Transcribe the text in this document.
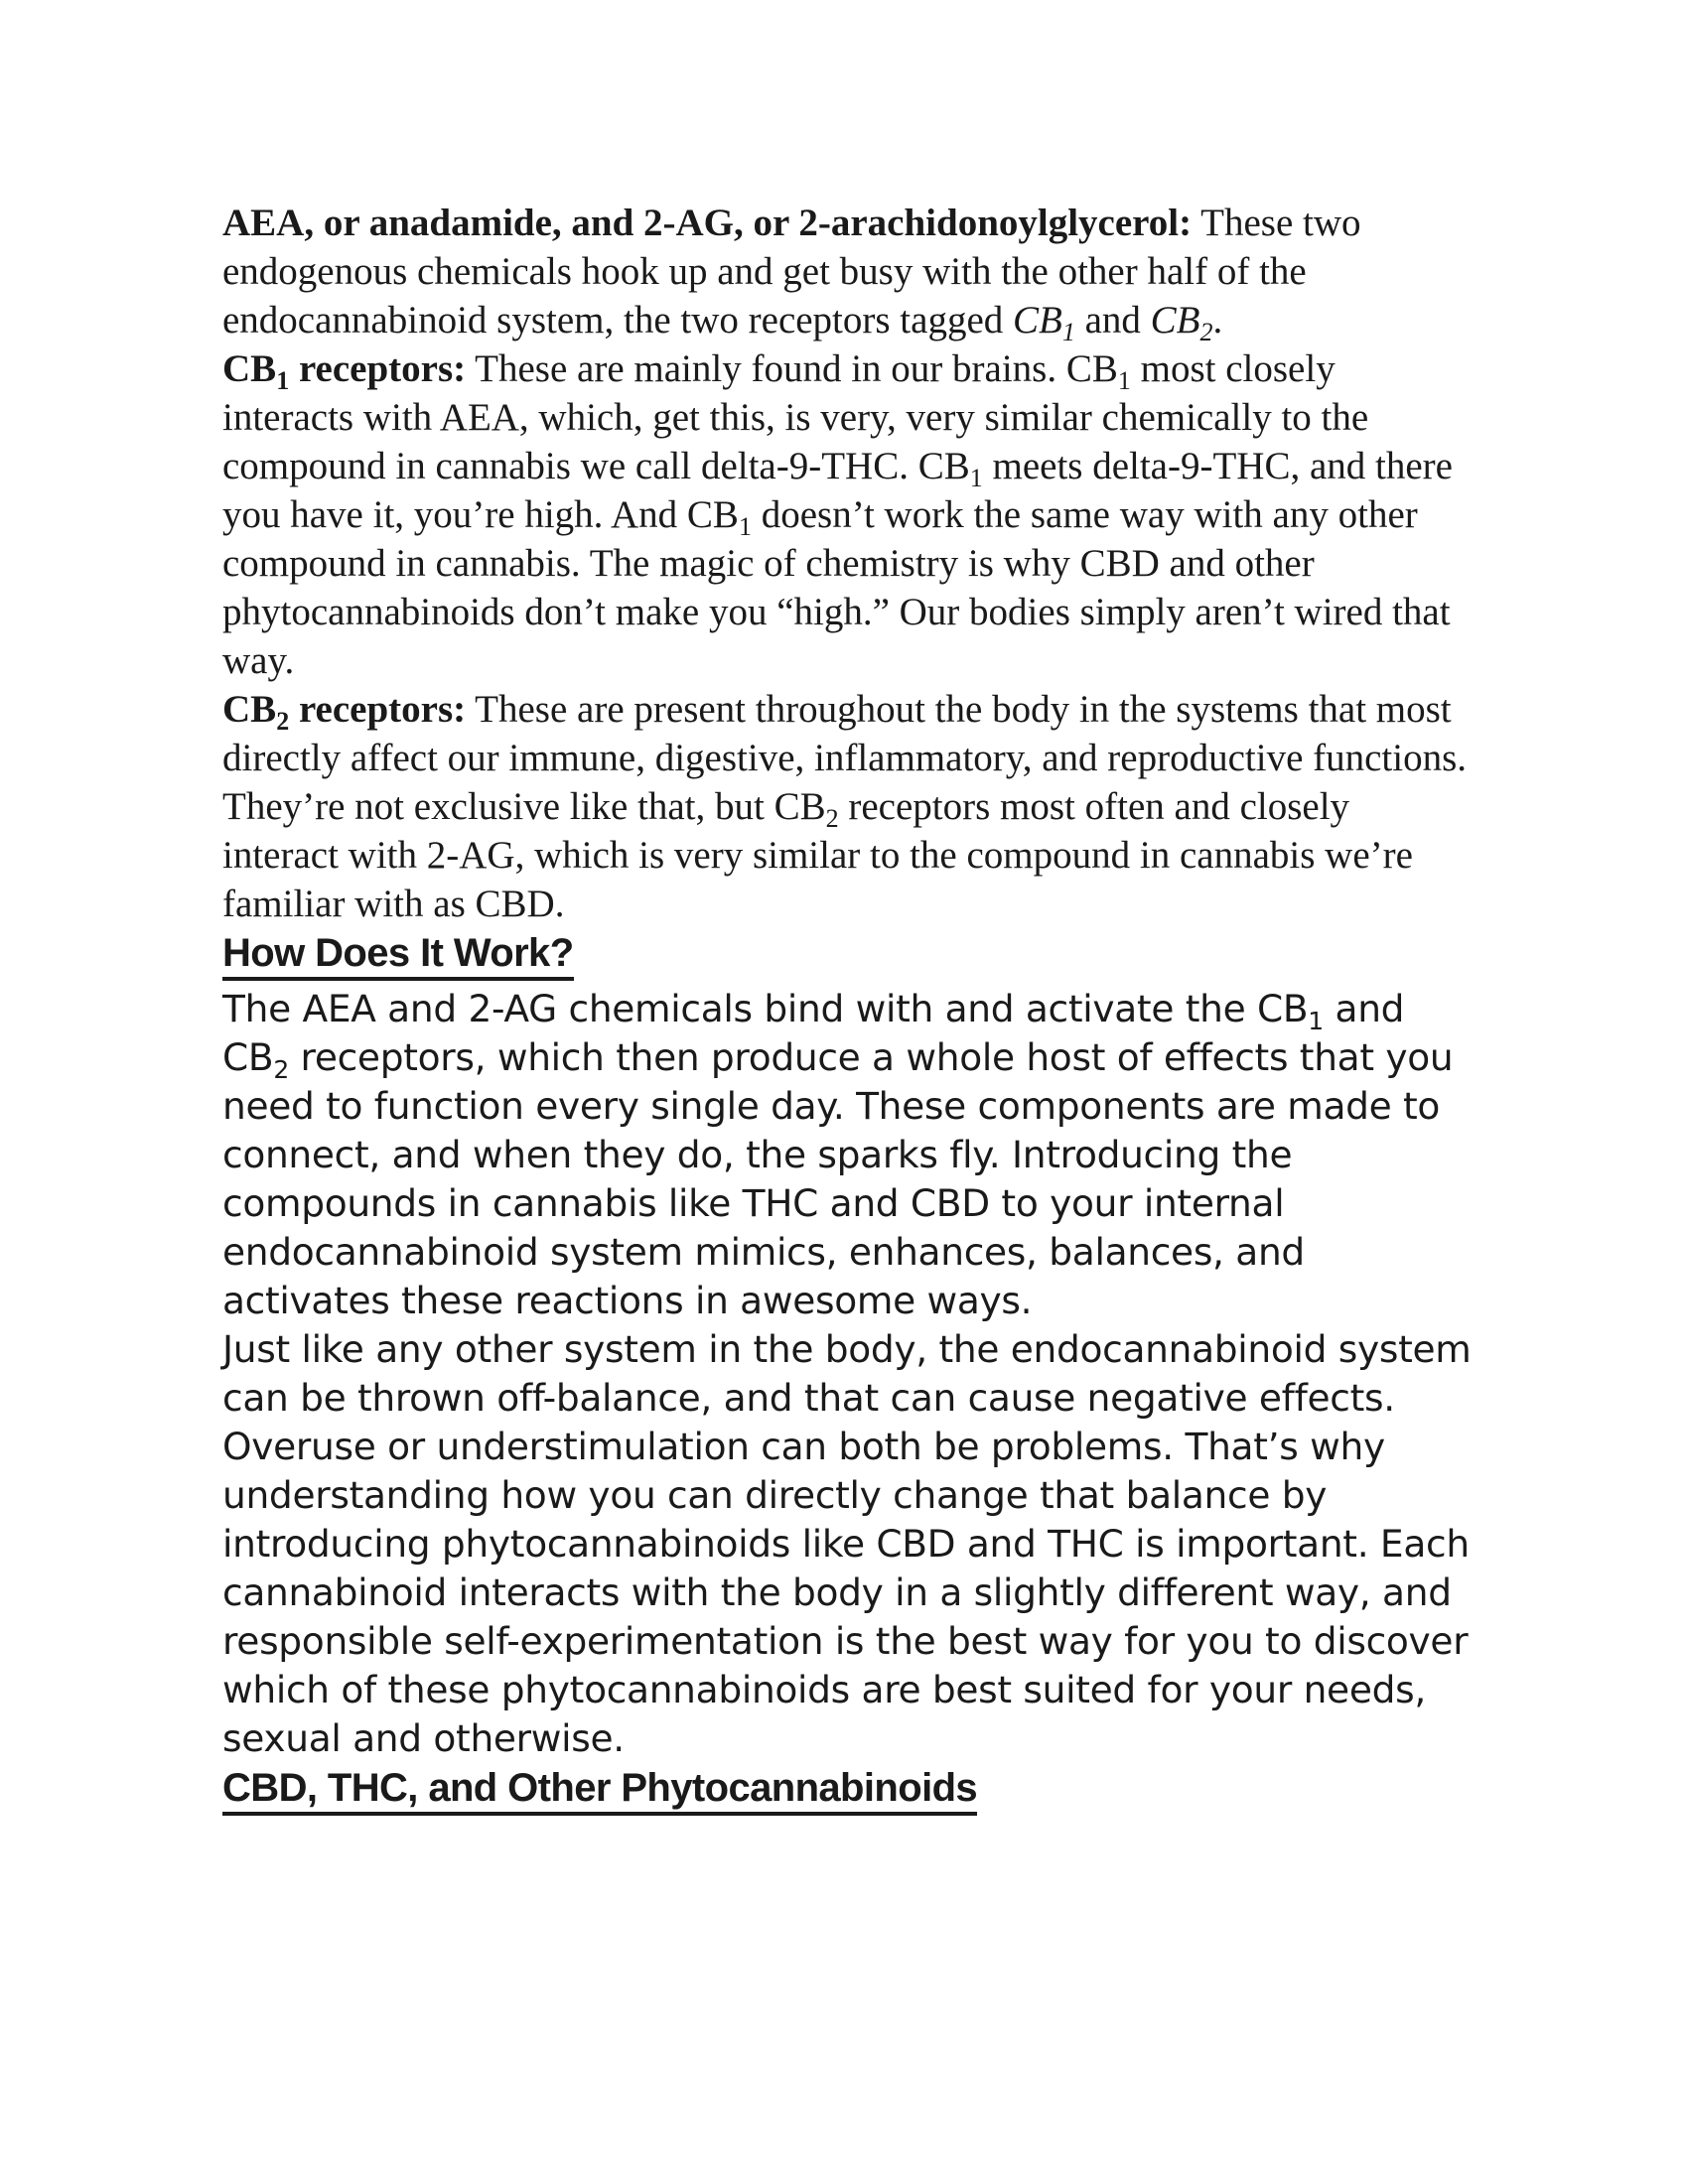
AEA, or anadamide, and 2-AG, or 2-arachidonoylglycerol: These two endogenous chemicals hook up and get busy with the other half of the endocannabinoid system, the two receptors tagged $CB_1$ and $CB_2$.

$CB_1$ receptors: These are mainly found in our brains. $CB_1$ most closely interacts with AEA, which, get this, is very, very similar chemically to the compound in cannabis we call delta-9-THC. $CB_1$ meets delta-9-THC, and there you have it, you’re high. And $CB_1$ doesn’t work the same way with any other compound in cannabis. The magic of chemistry is why CBD and other phytocannabinoids don’t make you “high.” Our bodies simply aren’t wired that way.

$CB_2$ receptors: These are present throughout the body in the systems that most directly affect our immune, digestive, inflammatory, and reproductive functions. They’re not exclusive like that, but $CB_2$ receptors most often and closely interact with 2-AG, which is very similar to the compound in cannabis we’re familiar with as CBD.

How Does It Work?

The AEA and 2-AG chemicals bind with and activate the $CB_1$ and $CB_2$ receptors, which then produce a whole host of effects that you need to function every single day. These components are made to connect, and when they do, the sparks fly. Introducing the compounds in cannabis like THC and CBD to your internal endocannabinoid system mimics, enhances, balances, and activates these reactions in awesome ways.

Just like any other system in the body, the endocannabinoid system can be thrown off-balance, and that can cause negative effects. Overuse or understimulation can both be problems. That’s why understanding how you can directly change that balance by introducing phytocannabinoids like CBD and THC is important. Each cannabinoid interacts with the body in a slightly different way, and responsible self-experimentation is the best way for you to discover which of these phytocannabinoids are best suited for your needs, sexual and otherwise.

CBD, THC, and Other Phytocannabinoids
